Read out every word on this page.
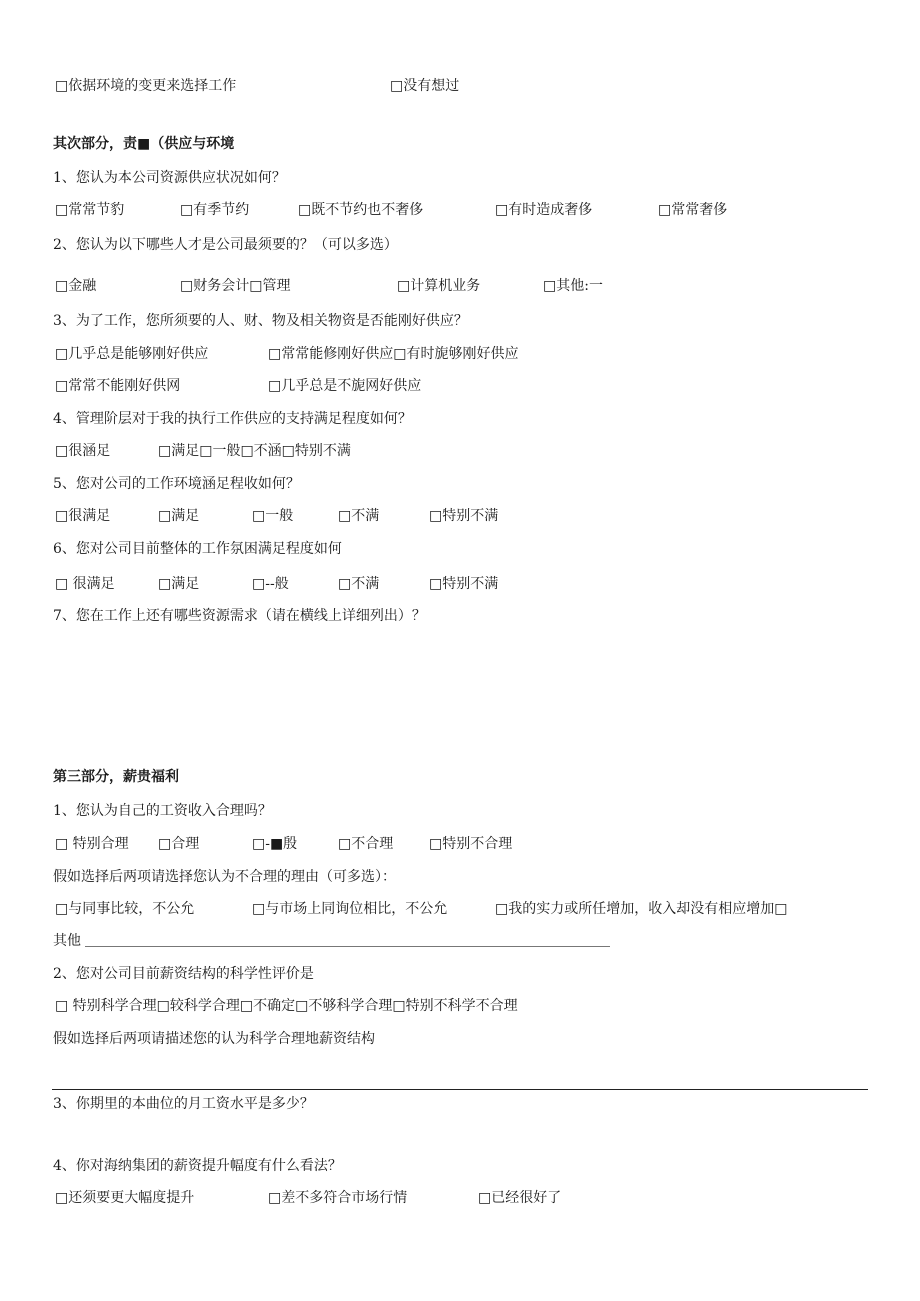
□依据环境的变更来选择工作	□没有想过
其次部分，责■（供应与环境
1、您认为本公司资源供应状况如何？
□常常节豹	□有季节约	□既不节约也不奢侈	□有时造成奢侈	□常常奢侈
2、您认为以下哪些人才是公司最须要的？（可以多选）
□金融	□财务会计□管理	□计算机业务	□其他:一
3、为了工作，您所须要的人、财、物及相关物资是否能刚好供应？
□几乎总是能够刚好供应	□常常能修刚好供应□有时旎够刚好供应
□常常不能刚好供网	□几乎总是不旎网好供应
4、管理阶层对于我的执行工作供应的支持满足程度如何？
□很涵足	□满足□一般□不涵□特别不满
5、您对公司的工作环境涵足程收如何？
□很满足	□满足	□一般	□不满	□特别不满
6、您对公司目前整体的工作氛困满足程度如何
□ 很满足	□满足	□--般	□不满	□特别不满
7、您在工作上还有哪些资源需求（请在横线上详细列出）？
第三部分，薪贵福利
1、您认为自己的工资收入合理吗？
□ 特别合理 □合理	□-■殷	□不合理	□特别不合理
假如选择后两项请选择您认为不合理的理由（可多选）：
□与同事比较，不公允	□与市场上同询位相比，不公允	□我的实力或所任增加，收入却没有相应增加□
其他
2、您对公司目前薪资结构的科学性评价是
□ 特别科学合理□较科学合理□不确定□不够科学合理□特别不科学不合理
假如选择后两项请描述您的认为科学合理地薪资结构
3、你期里的本曲位的月工资水平是多少？
4、你对海纳集团的薪资提升幅度有什么看法？
□还须要更大幅度提升	□差不多符合市场行情	□已经很好了
